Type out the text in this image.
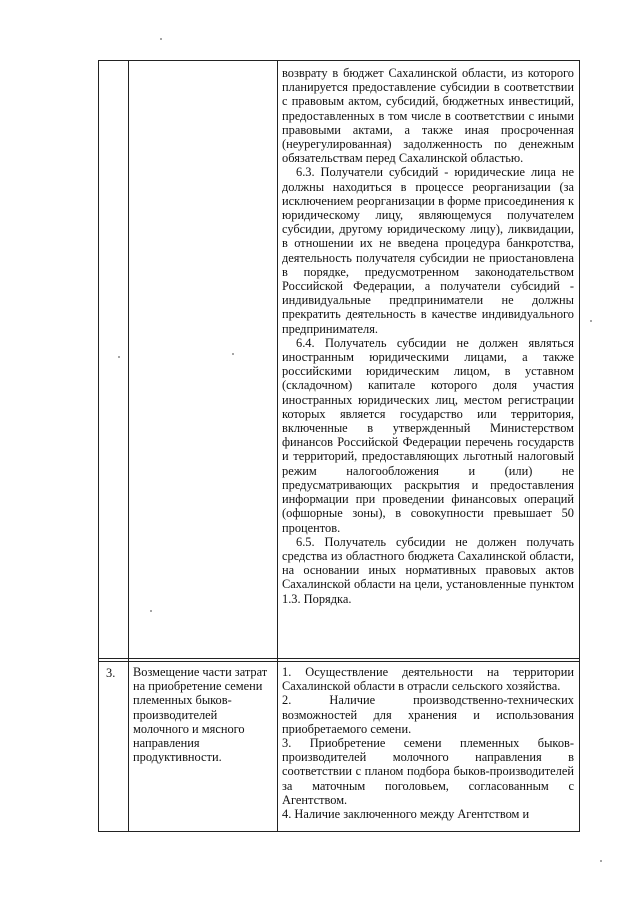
возврату в бюджет Сахалинской области, из которого планируется предоставление субсидии в соответствии с правовым актом, субсидий, бюджетных инвестиций, предоставленных в том числе в соответствии с иными правовыми актами, а также иная просроченная (неурегулированная) задолженность по денежным обязательствам перед Сахалинской областью.

6.3. Получатели субсидий - юридические лица не должны находиться в процессе реорганизации (за исключением реорганизации в форме присоединения к юридическому лицу, являющемуся получателем субсидии, другому юридическому лицу), ликвидации, в отношении их не введена процедура банкротства, деятельность получателя субсидии не приостановлена в порядке, предусмотренном законодательством Российской Федерации, а получатели субсидий - индивидуальные предприниматели не должны прекратить деятельность в качестве индивидуального предпринимателя.

6.4. Получатель субсидии не должен являться иностранным юридическими лицами, а также российскими юридическим лицом, в уставном (складочном) капитале которого доля участия иностранных юридических лиц, местом регистрации которых является государство или территория, включенные в утвержденный Министерством финансов Российской Федерации перечень государств и территорий, предоставляющих льготный налоговый режим налогообложения и (или) не предусматривающих раскрытия и предоставления информации при проведении финансовых операций (офшорные зоны), в совокупности превышает 50 процентов.

6.5. Получатель субсидии не должен получать средства из областного бюджета Сахалинской области, на основании иных нормативных правовых актов Сахалинской области на цели, установленные пунктом 1.3. Порядка.

3. Возмещение части затрат на приобретение семени племенных быков-производителей молочного и мясного направления продуктивности.

1. Осуществление деятельности на территории Сахалинской области в отрасли сельского хозяйства.

2. Наличие производственно-технических возможностей для хранения и использования приобретаемого семени.

3. Приобретение семени племенных быков-производителей молочного направления в соответствии с планом подбора быков-производителей за маточным поголовьем, согласованным с Агентством.

4. Наличие заключенного между Агентством и
